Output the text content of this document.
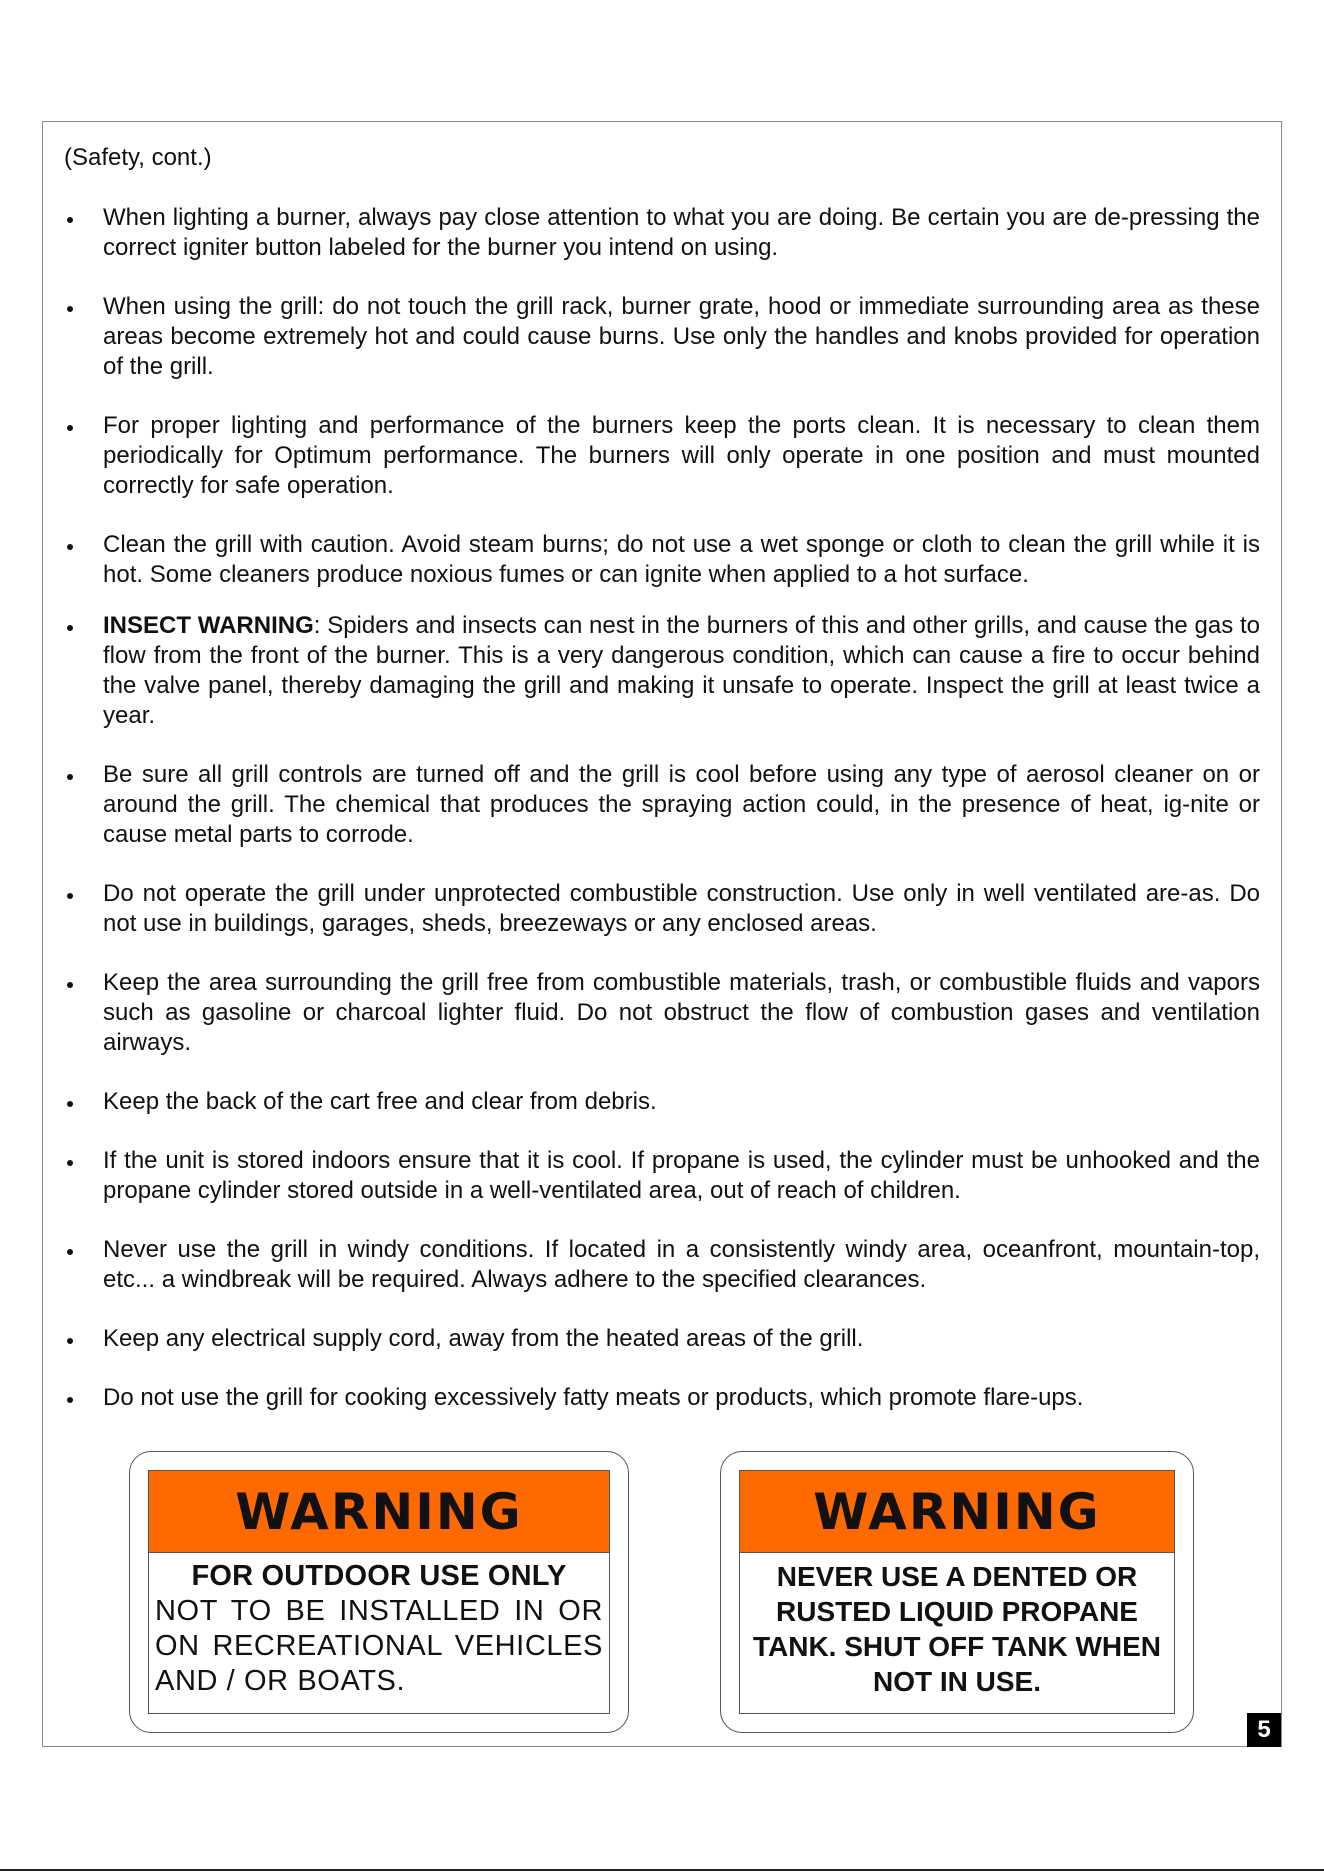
(Safety, cont.)
When lighting a burner, always pay close attention to what you are doing. Be certain you are de-pressing the correct igniter button labeled for the burner you intend on using.
When using the grill: do not touch the grill rack, burner grate, hood or immediate surrounding area as these areas become extremely hot and could cause burns. Use only the handles and knobs provided for operation of the grill.
For proper lighting and performance of the burners keep the ports clean. It is necessary to clean them periodically for Optimum performance. The burners will only operate in one position and must mounted correctly for safe operation.
Clean the grill with caution. Avoid steam burns; do not use a wet sponge or cloth to clean the grill while it is hot. Some cleaners produce noxious fumes or can ignite when applied to a hot surface.
INSECT WARNING: Spiders and insects can nest in the burners of this and other grills, and cause the gas to flow from the front of the burner. This is a very dangerous condition, which can cause a fire to occur behind the valve panel, thereby damaging the grill and making it unsafe to operate. Inspect the grill at least twice a year.
Be sure all grill controls are turned off and the grill is cool before using any type of aerosol cleaner on or around the grill. The chemical that produces the spraying action could, in the presence of heat, ig-nite or cause metal parts to corrode.
Do not operate the grill under unprotected combustible construction. Use only in well ventilated are-as. Do not use in buildings, garages, sheds, breezeways or any enclosed areas.
Keep the area surrounding the grill free from combustible materials, trash, or combustible fluids and vapors such as gasoline or charcoal lighter fluid. Do not obstruct the flow of combustion gases and ventilation airways.
Keep the back of the cart free and clear from debris.
If the unit is stored indoors ensure that it is cool. If propane is used, the cylinder must be unhooked and the propane cylinder stored outside in a well-ventilated area, out of reach of children.
Never use the grill in windy conditions. If located in a consistently windy area, oceanfront, mountain-top, etc... a windbreak will be required. Always adhere to the specified clearances.
Keep any electrical supply cord, away from the heated areas of the grill.
Do not use the grill for cooking excessively fatty meats or products, which promote flare-ups.
WARNING
FOR OUTDOOR USE ONLY
NOT TO BE INSTALLED IN OR ON RECREATIONAL VEHICLES AND / OR BOATS.
WARNING
NEVER USE A DENTED OR RUSTED LIQUID PROPANE TANK. SHUT OFF TANK WHEN NOT IN USE.
5
